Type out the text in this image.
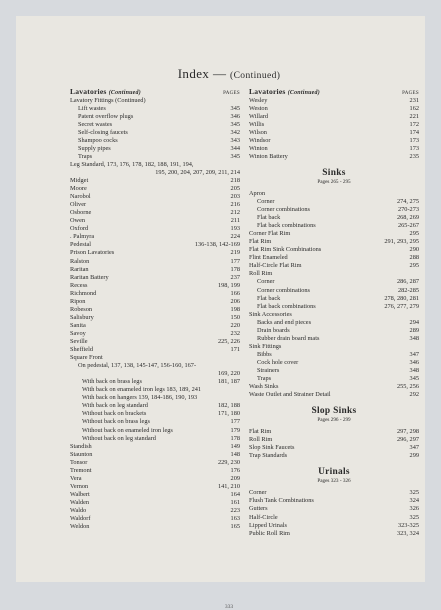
Index — (Continued)
Lavatories (Continued)	PAGES
Lavatory Fittings (Continued)
Lift wastes	345
Patent overflow plugs	346
Secret wastes	345
Self-closing faucets	342
Shampoo cocks	343
Supply pipes	344
Traps	345
Leg Standard, 173, 176, 178, 182, 188, 191, 194,
195, 200, 204, 207, 209, 211, 214
Midget	218
Moore	205
Narobol	203
Oliver	216
Osborne	212
Owen	211
Oxford	193
. Palmyra	224
Pedestal	136-138, 142-169
Prison Lavatories	219
Ralston	177
Raritan	178
Raritan Battery	237
Recess	198, 199
Richmond	166
Ripon	206
Robeson	198
Salisbury	150
Sanita	220
Savoy	232
Seville	225, 226
Sheffield	171
Square Front
On pedestal, 137, 138, 145-147, 156-160, 167-
169, 220
With back on brass legs	181, 187
With back on enameled iron legs 183, 189, 241
With back on hangers 139, 184-186, 190, 193
With back on leg standard	182, 188
Without back on brackets	171, 180
Without back on brass legs	177
Without back on enameled iron legs	179
Without back on leg standard	178
Standish	149
Staunton	148
Tonsor	229, 230
Tremont	176
Vera	209
Vernon	141, 210
Walbert	164
Walden	161
Waldo	223
Waldorf	163
Weldon	165
Lavatories (Continued)	PAGES
Wesley	231
Weston	162
Willard	221
Willis	172
Wilson	174
Windsor	173
Winton	173
Winton Battery	235
Sinks
Pages 265 - 295
Apron
Corner	274, 275
Corner combinations	270-273
Flat back	268, 269
Flat back combinations	265-267
Corner Flat Rim	295
Flat Rim	291, 293, 295
Flat Rim Sink Combinations	290
Flint Enameled	288
Half-Circle Flat Rim	295
Roll Rim
Corner	286, 287
Corner combinations	282-285
Flat back	278, 280, 281
Flat back combinations	276, 277, 279
Sink Accessories
Backs and end pieces	294
Drain boards	289
Rubber drain board mats	348
Sink Fittings
Bibbs	347
Cock hole cover	346
Strainers	348
Traps	345
Wash Sinks	255, 256
Waste Outlet and Strainer Detail	292
Slop Sinks
Pages 296 - 299
Flat Rim	297, 298
Roll Rim	296, 297
Slop Sink Faucets	347
Trap Standards	299
Urinals
Pages 323 - 326
Corner	325
Flush Tank Combinations	324
Gutters	326
Half-Circle	325
Lipped Urinals	323-325
Public Roll Rim	323, 324
333
